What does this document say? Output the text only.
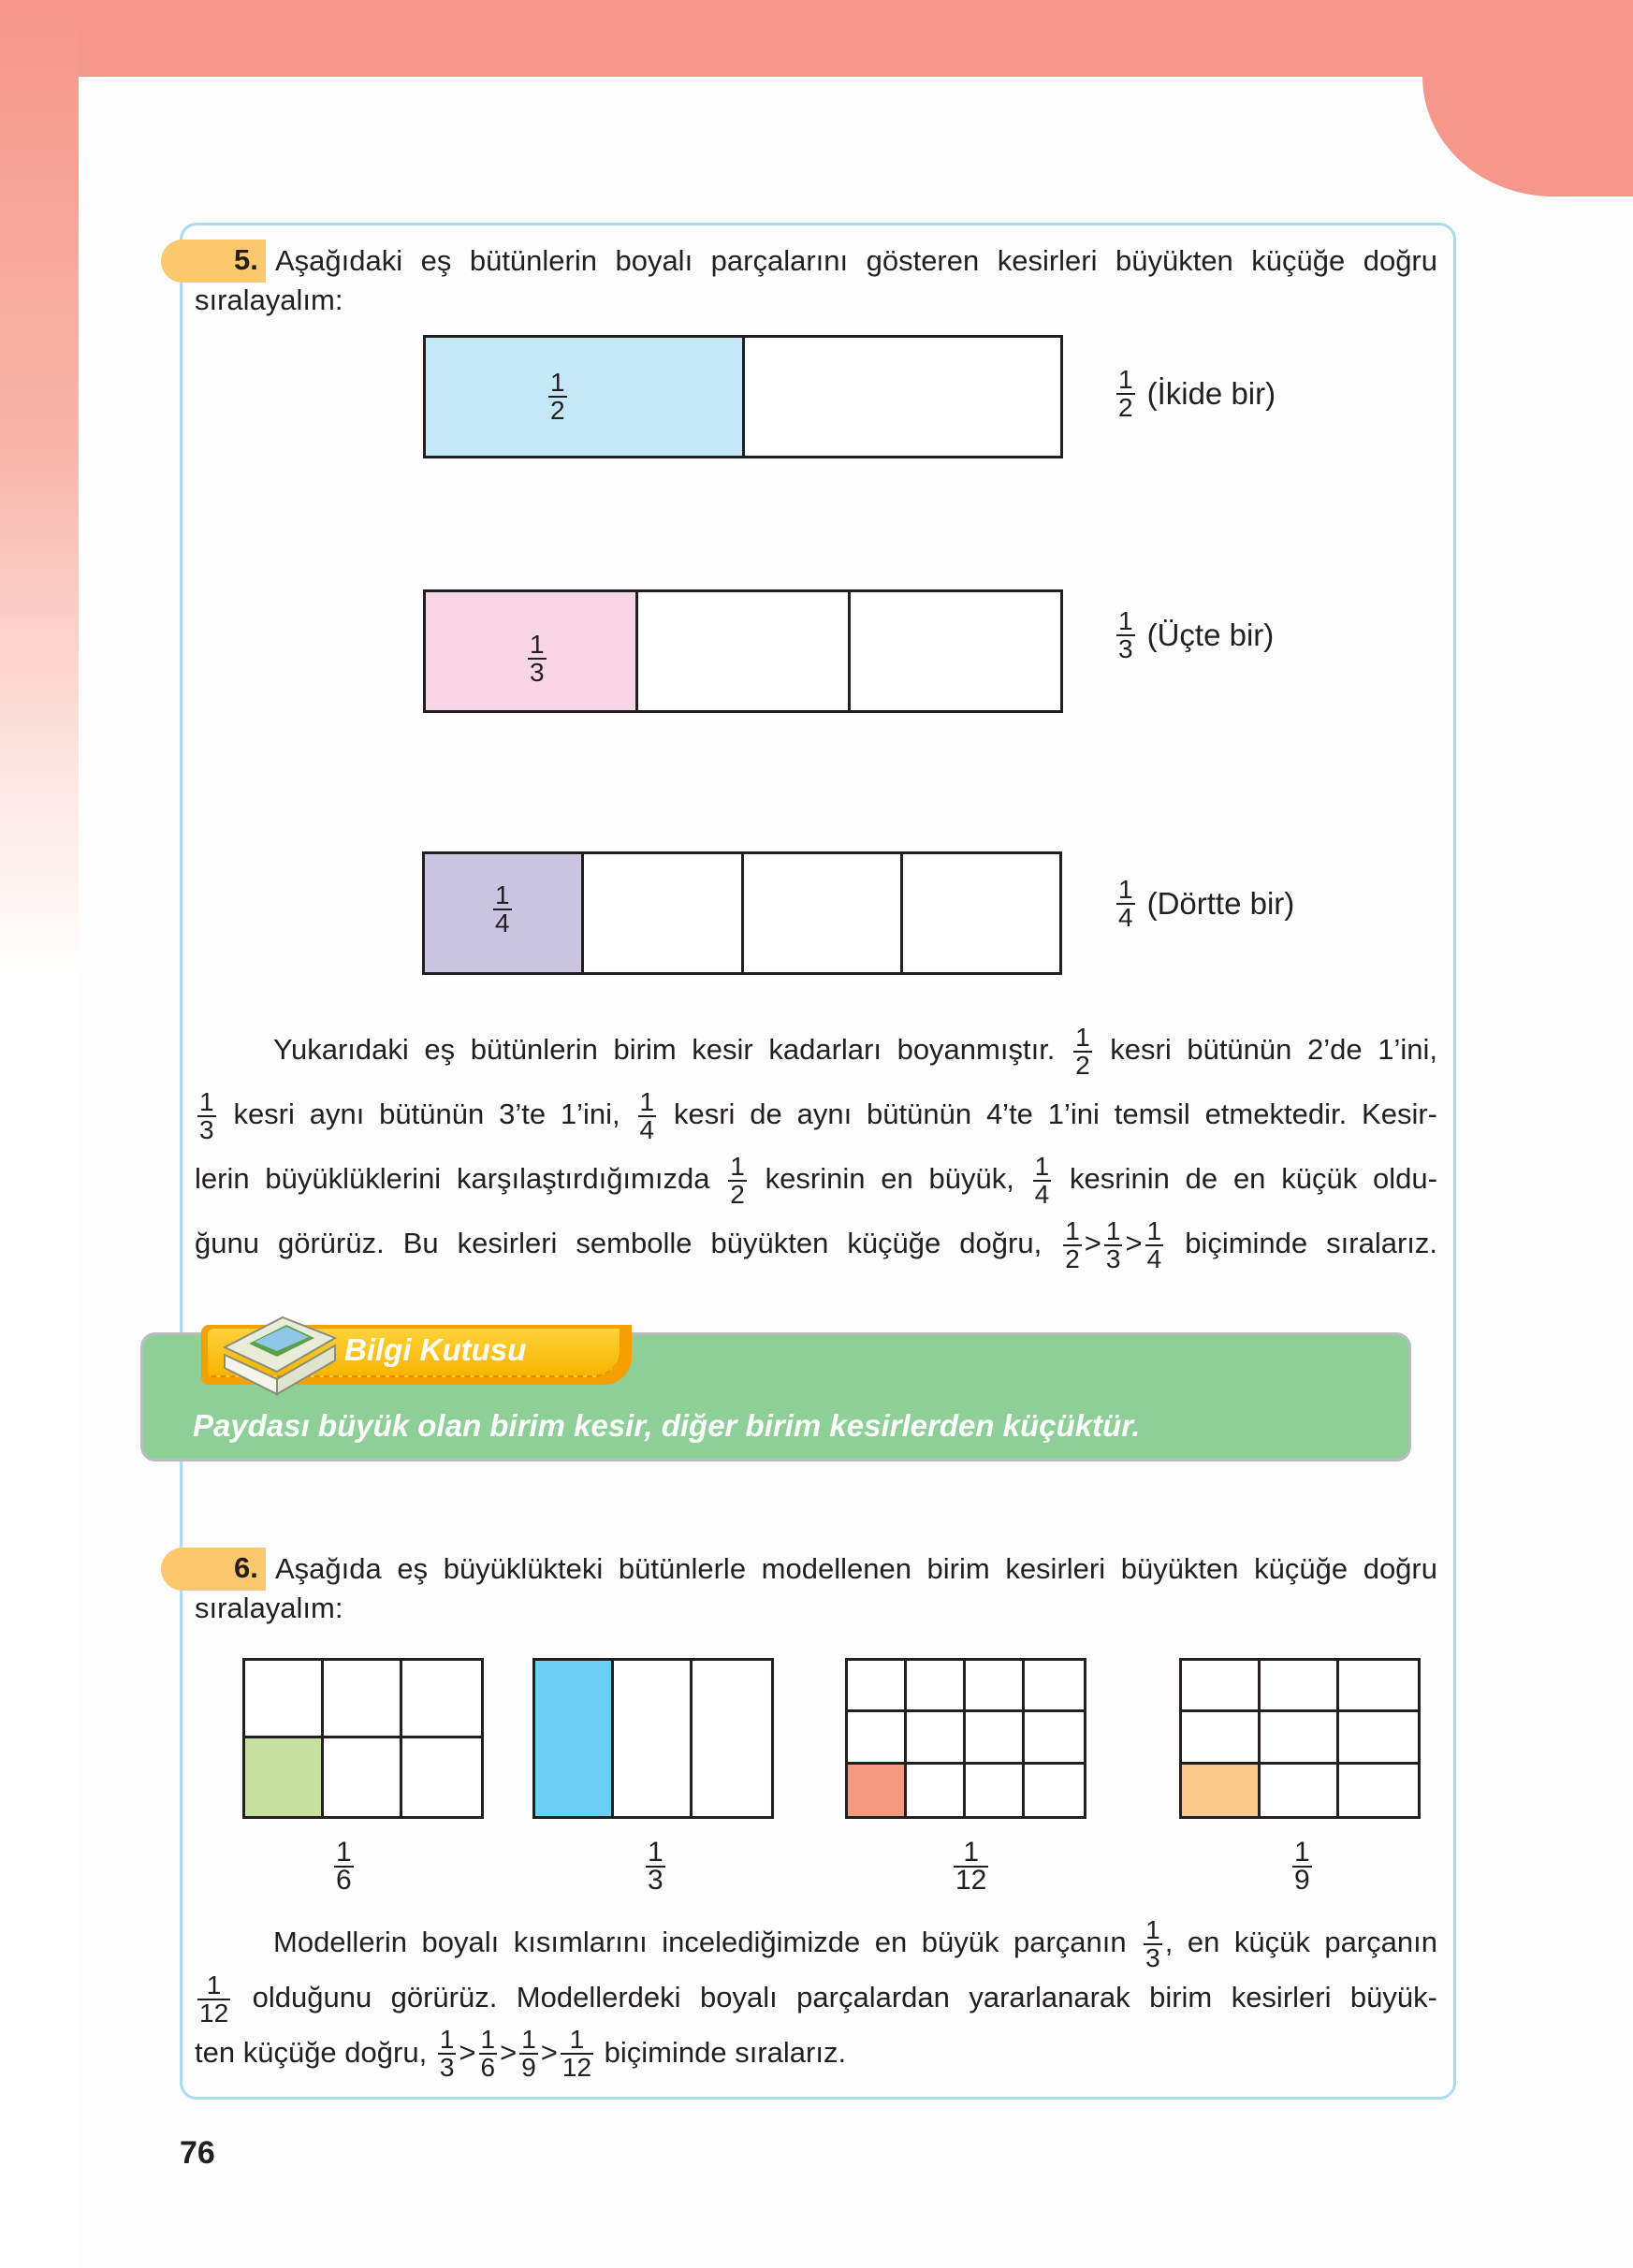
5. Aşağıdaki eş bütünlerin boyalı parçalarını gösteren kesirleri büyükten küçüğe doğru
sıralayalım:
$\frac{1}{2}$	$\frac{1}{2}$ (İkide bir)
$\frac{1}{3}$	$\frac{1}{3}$ (Üçte bir)
$\frac{1}{4}$	$\frac{1}{4}$ (Dörtte bir)

Yukarıdaki eş bütünlerin birim kesir kadarları boyanmıştır. $\frac{1}{2}$ kesri bütünün 2’de 1’ini,

$\frac{1}{3}$ kesri aynı bütünün 3’te 1’ini, $\frac{1}{4}$ kesri de aynı bütünün 4’te 1’ini temsil etmektedir. Kesir-

lerin büyüklüklerini karşılaştırdığımızda $\frac{1}{2}$ kesrinin en büyük, $\frac{1}{4}$ kesrinin de en küçük oldu-

ğunu görürüz. Bu kesirleri sembolle büyükten küçüğe doğru, $\frac{1}{2} > \frac{1}{3} > \frac{1}{4}$ biçiminde sıralarız.

Bilgi Kutusu
Paydası büyük olan birim kesir, diğer birim kesirlerden küçüktür.
6. Aşağıda eş büyüklükteki bütünlerle modellenen birim kesirleri büyükten küçüğe doğru
sıralayalım:
$\frac{1}{6}$	$\frac{1}{3}$	$\frac{1}{12}$	$\frac{1}{9}$

Modellerin boyalı kısımlarını incelediğimizde en büyük parçanın $\frac{1}{3}$ , en küçük parçanın

$\frac{1}{12}$ olduğunu görürüz. Modellerdeki boyalı parçalardan yararlanarak birim kesirleri büyük-

ten küçüğe doğru, $\frac{1}{3} > \frac{1}{6} > \frac{1}{9} > \frac{1}{12}$ biçiminde sıralarız.

76
